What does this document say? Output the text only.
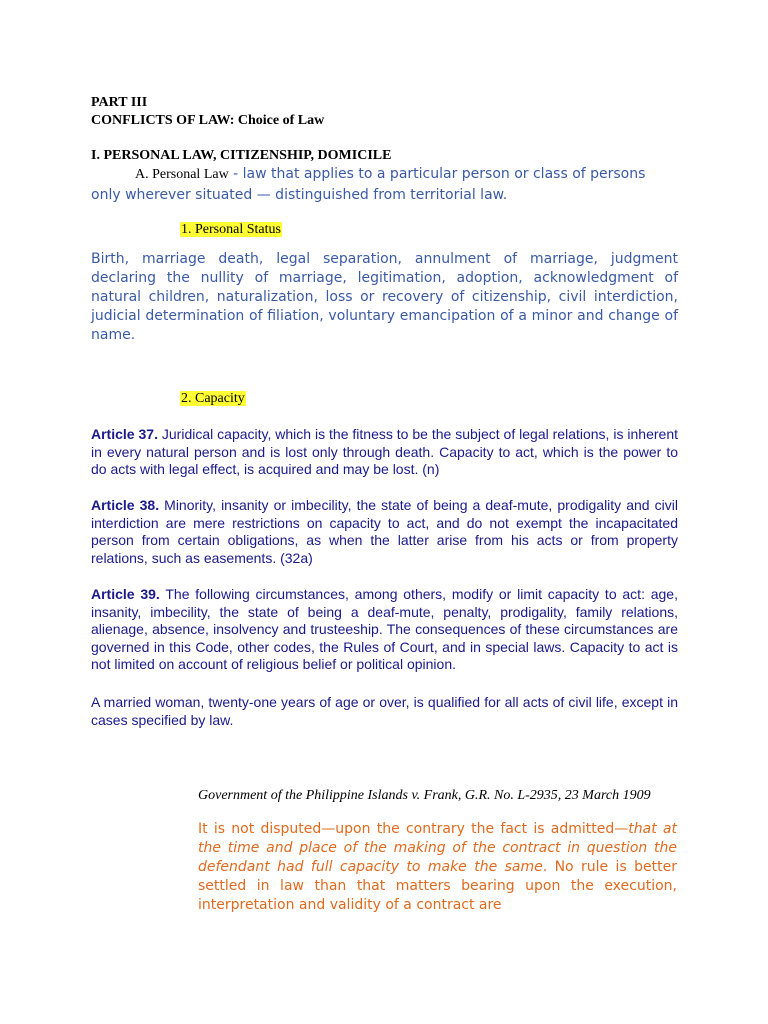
PART III
CONFLICTS OF LAW: Choice of Law
I. PERSONAL LAW, CITIZENSHIP, DOMICILE
A. Personal Law - law that applies to a particular person or class of persons
only wherever situated — distinguished from territorial law.
1. Personal Status

Birth, marriage death, legal separation, annulment of marriage, judgment declaring the nullity of marriage, legitimation, adoption, acknowledgment of natural children, naturalization, loss or recovery of citizenship, civil interdiction, judicial determination of filiation, voluntary emancipation of a minor and change of name.

2. Capacity

Article 37. Juridical capacity, which is the fitness to be the subject of legal relations, is inherent in every natural person and is lost only through death. Capacity to act, which is the power to do acts with legal effect, is acquired and may be lost. (n)

Article 38. Minority, insanity or imbecility, the state of being a deaf-mute, prodigality and civil interdiction are mere restrictions on capacity to act, and do not exempt the incapacitated person from certain obligations, as when the latter arise from his acts or from property relations, such as easements. (32a)

Article 39. The following circumstances, among others, modify or limit capacity to act: age, insanity, imbecility, the state of being a deaf-mute, penalty, prodigality, family relations, alienage, absence, insolvency and trusteeship. The consequences of these circumstances are governed in this Code, other codes, the Rules of Court, and in special laws. Capacity to act is not limited on account of religious belief or political opinion.

A married woman, twenty-one years of age or over, is qualified for all acts of civil life, except in cases specified by law.

Government of the Philippine Islands v. Frank, G.R. No. L-2935, 23 March 1909

It is not disputed—upon the contrary the fact is admitted—that at the time and place of the making of the contract in question the defendant had full capacity to make the same. No rule is better settled in law than that matters bearing upon the execution, interpretation and validity of a contract are
